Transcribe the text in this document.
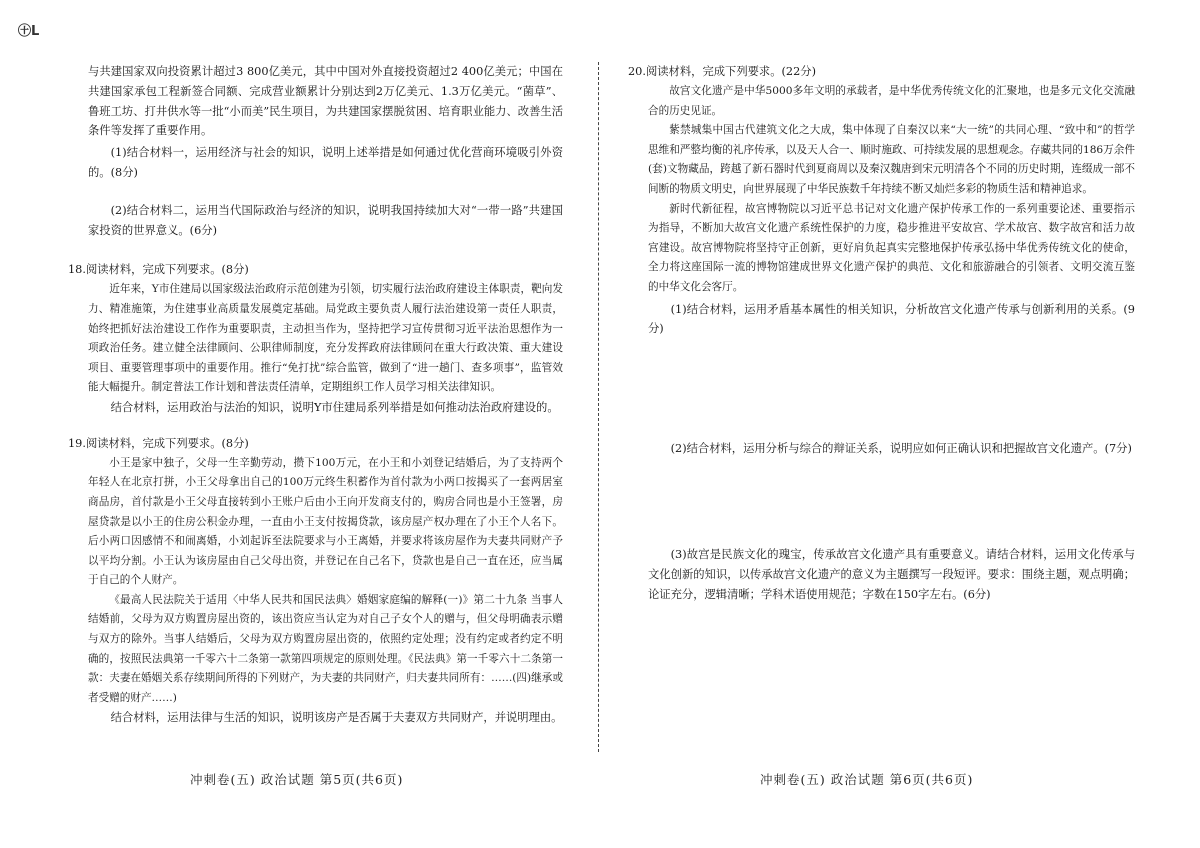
㊉L

与共建国家双向投资累计超过3 800亿美元，其中中国对外直接投资超过2 400亿美元；中国在共建国家承包工程新签合同额、完成营业额累计分别达到2万亿美元、1.3万亿美元。“菌草”、鲁班工坊、打井供水等一批“小而美”民生项目，为共建国家摆脱贫困、培育职业能力、改善生活条件等发挥了重要作用。

(1)结合材料一，运用经济与社会的知识，说明上述举措是如何通过优化营商环境吸引外资的。(8分)

(2)结合材料二，运用当代国际政治与经济的知识，说明我国持续加大对“一带一路”共建国家投资的世界意义。(6分)

18.阅读材料，完成下列要求。(8分)

近年来，Y市住建局以国家级法治政府示范创建为引领，切实履行法治政府建设主体职责，靶向发力、精准施策，为住建事业高质量发展奠定基础。局党政主要负责人履行法治建设第一责任人职责，始终把抓好法治建设工作作为重要职责，主动担当作为，坚持把学习宣传贯彻习近平法治思想作为一项政治任务。建立健全法律顾问、公职律师制度，充分发挥政府法律顾问在重大行政决策、重大建设项目、重要管理事项中的重要作用。推行“免打扰”综合监管，做到了“进一趟门、查多项事”，监管效能大幅提升。制定普法工作计划和普法责任清单，定期组织工作人员学习相关法律知识。

结合材料，运用政治与法治的知识，说明Y市住建局系列举措是如何推动法治政府建设的。

19.阅读材料，完成下列要求。(8分)

小王是家中独子，父母一生辛勤劳动，攒下100万元，在小王和小刘登记结婚后，为了支持两个年轻人在北京打拼，小王父母拿出自己的100万元终生积蓄作为首付款为小两口按揭买了一套两居室商品房，首付款是小王父母直接转到小王账户后由小王向开发商支付的，购房合同也是小王签署，房屋贷款是以小王的住房公积金办理，一直由小王支付按揭贷款，该房屋产权办理在了小王个人名下。后小两口因感情不和闹离婚，小刘起诉至法院要求与小王离婚，并要求将该房屋作为夫妻共同财产予以平均分割。小王认为该房屋由自己父母出资，并登记在自己名下，贷款也是自己一直在还，应当属于自己的个人财产。

《最高人民法院关于适用〈中华人民共和国民法典〉婚姻家庭编的解释(一)》第二十九条 当事人结婚前，父母为双方购置房屋出资的，该出资应当认定为对自己子女个人的赠与，但父母明确表示赠与双方的除外。当事人结婚后，父母为双方购置房屋出资的，依照约定处理；没有约定或者约定不明确的，按照民法典第一千零六十二条第一款第四项规定的原则处理。《民法典》第一千零六十二条第一款：夫妻在婚姻关系存续期间所得的下列财产，为夫妻的共同财产，归夫妻共同所有：……(四)继承或者受赠的财产……)

结合材料，运用法律与生活的知识，说明该房产是否属于夫妻双方共同财产，并说明理由。

20.阅读材料，完成下列要求。(22分)

故宫文化遗产是中华5000多年文明的承载者，是中华优秀传统文化的汇聚地，也是多元文化交流融合的历史见证。

紫禁城集中国古代建筑文化之大成，集中体现了自秦汉以来“大一统”的共同心理、“致中和”的哲学思维和严整均衡的礼序传承，以及天人合一、顺时施政、可持续发展的思想观念。存藏共同的186万余件(套)文物藏品，跨越了新石器时代到夏商周以及秦汉魏唐到宋元明清各个不同的历史时期，连缀成一部不间断的物质文明史，向世界展现了中华民族数千年持续不断又灿烂多彩的物质生活和精神追求。

新时代新征程，故宫博物院以习近平总书记对文化遗产保护传承工作的一系列重要论述、重要指示为指导，不断加大故宫文化遗产系统性保护的力度，稳步推进平安故宫、学术故宫、数字故宫和活力故宫建设。故宫博物院将坚持守正创新，更好肩负起真实完整地保护传承弘扬中华优秀传统文化的使命，全力将这座国际一流的博物馆建成世界文化遗产保护的典范、文化和旅游融合的引领者、文明交流互鉴的中华文化会客厅。

(1)结合材料，运用矛盾基本属性的相关知识，分析故宫文化遗产传承与创新利用的关系。(9分)

(2)结合材料，运用分析与综合的辩证关系，说明应如何正确认识和把握故宫文化遗产。(7分)

(3)故宫是民族文化的瑰宝，传承故宫文化遗产具有重要意义。请结合材料，运用文化传承与文化创新的知识，以传承故宫文化遗产的意义为主题撰写一段短评。要求：围绕主题，观点明确；论证充分，逻辑清晰；学科术语使用规范；字数在150字左右。(6分)

冲刺卷(五) 政治试题 第5页(共6页)	冲刺卷(五) 政治试题 第6页(共6页)
